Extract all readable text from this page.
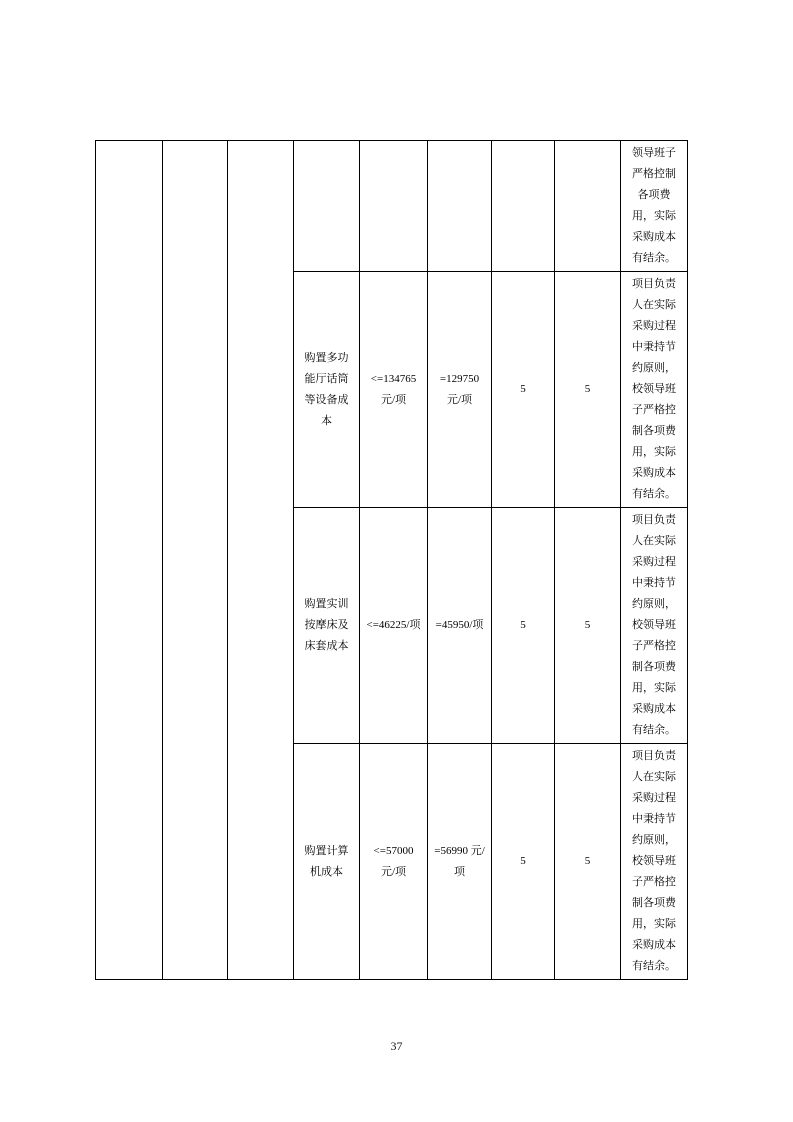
								领导班子严格控制各项费用，实际采购成本有结余。
			购置多功能厅话筒等设备成本	<=134765 元/项	=129750 元/项	5	5	项目负责人在实际采购过程中秉持节约原则，校领导班子严格控制各项费用，实际采购成本有结余。
			购置实训按摩床及床套成本	<=46225/项	=45950/项	5	5	项目负责人在实际采购过程中秉持节约原则，校领导班子严格控制各项费用，实际采购成本有结余。
			购置计算机成本	<=57000 元/项	=56990 元/项	5	5	项目负责人在实际采购过程中秉持节约原则，校领导班子严格控制各项费用，实际采购成本有结余。
37
